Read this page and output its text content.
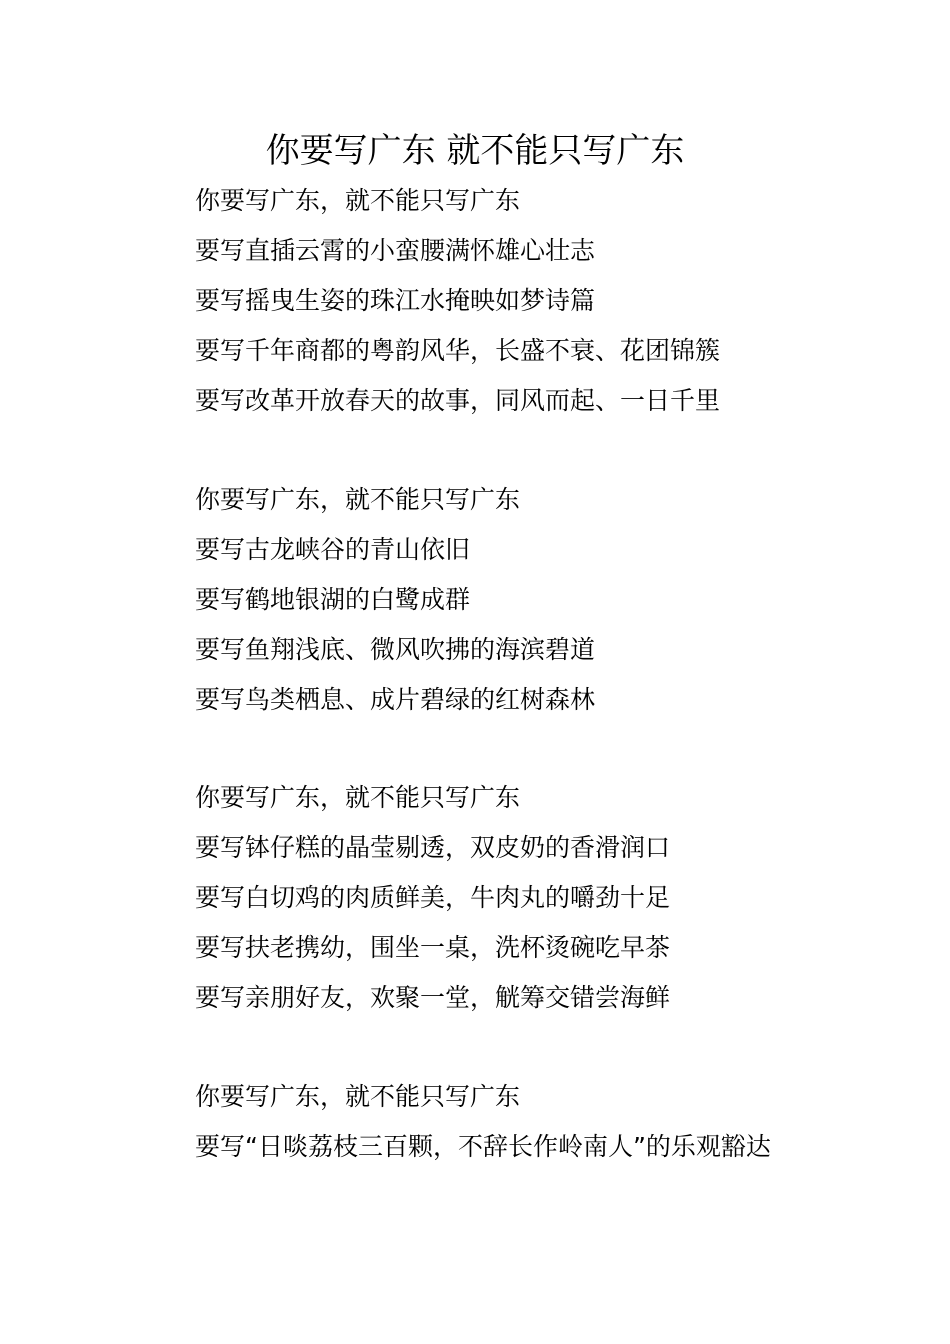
你要写广东 就不能只写广东
你要写广东，就不能只写广东
要写直插云霄的小蛮腰满怀雄心壮志
要写摇曳生姿的珠江水掩映如梦诗篇
要写千年商都的粤韵风华，长盛不衰、花团锦簇
要写改革开放春天的故事，同风而起、一日千里
你要写广东，就不能只写广东
要写古龙峡谷的青山依旧
要写鹤地银湖的白鹭成群
要写鱼翔浅底、微风吹拂的海滨碧道
要写鸟类栖息、成片碧绿的红树森林
你要写广东，就不能只写广东
要写钵仔糕的晶莹剔透，双皮奶的香滑润口
要写白切鸡的肉质鲜美，牛肉丸的嚼劲十足
要写扶老携幼，围坐一桌，洗杯烫碗吃早茶
要写亲朋好友，欢聚一堂，觥筹交错尝海鲜
你要写广东，就不能只写广东
要写“日啖荔枝三百颗，不辞长作岭南人”的乐观豁达
